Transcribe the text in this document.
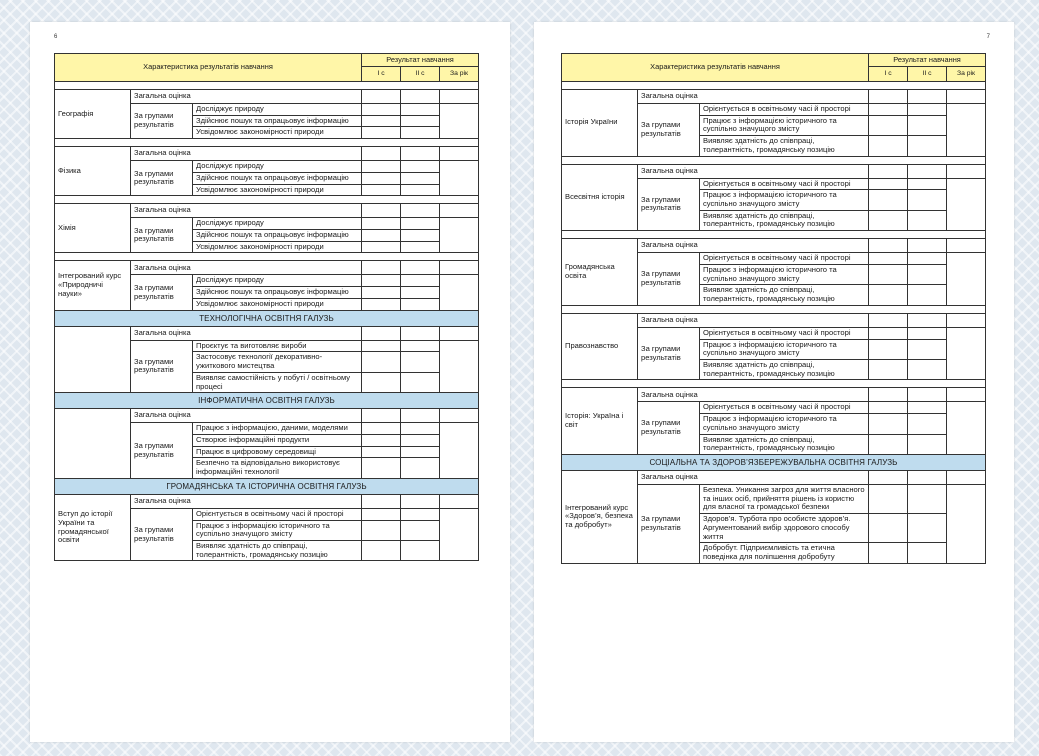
6
Характеристика результатів навчання			Результат навчання		
			І с	ІІ с	За рік

Географія	Загальна оцінка				
	За групами результатів	Досліджує природу			
		Здійснює пошук та опрацьовує інформацію			
		Усвідомлює закономірності природи			

Фізика	Загальна оцінка				
	За групами результатів	Досліджує природу			
		Здійснює пошук та опрацьовує інформацію			
		Усвідомлює закономірності природи			

Хімія	Загальна оцінка				
	За групами результатів	Досліджує природу			
		Здійснює пошук та опрацьовує інформацію			
		Усвідомлює закономірності природи			

Інтегрований курс «Природничі науки»	Загальна оцінка				
	За групами результатів	Досліджує природу			
		Здійснює пошук та опрацьовує інформацію			
		Усвідомлює закономірності природи			
ТЕХНОЛОГІЧНА ОСВІТНЯ ГАЛУЗЬ					
	Загальна оцінка				
	За групами результатів	Проєктує та виготовляє вироби			
		Застосовує технології декоративно-ужиткового мистецтва			
		Виявляє самостійність у побуті / освітньому процесі			
ІНФОРМАТИЧНА ОСВІТНЯ ГАЛУЗЬ					
	Загальна оцінка				
	За групами результатів	Працює з інформацією, даними, моделями			
		Створює інформаційні продукти			
		Працює в цифровому середовищі			
		Безпечно та відповідально використовує інформаційні технології			
ГРОМАДЯНСЬКА ТА ІСТОРИЧНА ОСВІТНЯ ГАЛУЗЬ					
Вступ до історії України та громадянської освіти	Загальна оцінка				
	За групами результатів	Орієнтується в освітньому часі й просторі			
		Працює з інформацією історичного та суспільно значущого змісту			
		Виявляє здатність до співпраці, толерантність, громадянську позицію			
7
Характеристика результатів навчання			Результат навчання		
			І с	ІІ с	За рік

Історія України	Загальна оцінка				
	За групами результатів	Орієнтується в освітньому часі й просторі			
		Працює з інформацією історичного та суспільно значущого змісту			
		Виявляє здатність до співпраці, толерантність, громадянську позицію			

Всесвітня історія	Загальна оцінка				
	За групами результатів	Орієнтується в освітньому часі й просторі			
		Працює з інформацією історичного та суспільно значущого змісту			
		Виявляє здатність до співпраці, толерантність, громадянську позицію			

Громадянська освіта	Загальна оцінка				
	За групами результатів	Орієнтується в освітньому часі й просторі			
		Працює з інформацією історичного та суспільно значущого змісту			
		Виявляє здатність до співпраці, толерантність, громадянську позицію			

Правознавство	Загальна оцінка				
	За групами результатів	Орієнтується в освітньому часі й просторі			
		Працює з інформацією історичного та суспільно значущого змісту			
		Виявляє здатність до співпраці, толерантність, громадянську позицію			

Історія: Україна і світ	Загальна оцінка				
	За групами результатів	Орієнтується в освітньому часі й просторі			
		Працює з інформацією історичного та суспільно значущого змісту			
		Виявляє здатність до співпраці, толерантність, громадянську позицію			
СОЦІАЛЬНА ТА ЗДОРОВ’ЯЗБЕРЕЖУВАЛЬНА ОСВІТНЯ ГАЛУЗЬ					
Інтегрований курс «Здоров’я, безпека та добробут»	Загальна оцінка				
	За групами результатів	Безпека. Уникання загроз для життя власного та інших осіб, прийняття рішень із користю для власної та громадської безпеки			
		Здоров’я. Турбота про особисте здоров’я. Аргументований вибір здорового способу життя			
		Добробут. Підприємливість та етична поведінка для поліпшення добробуту			
